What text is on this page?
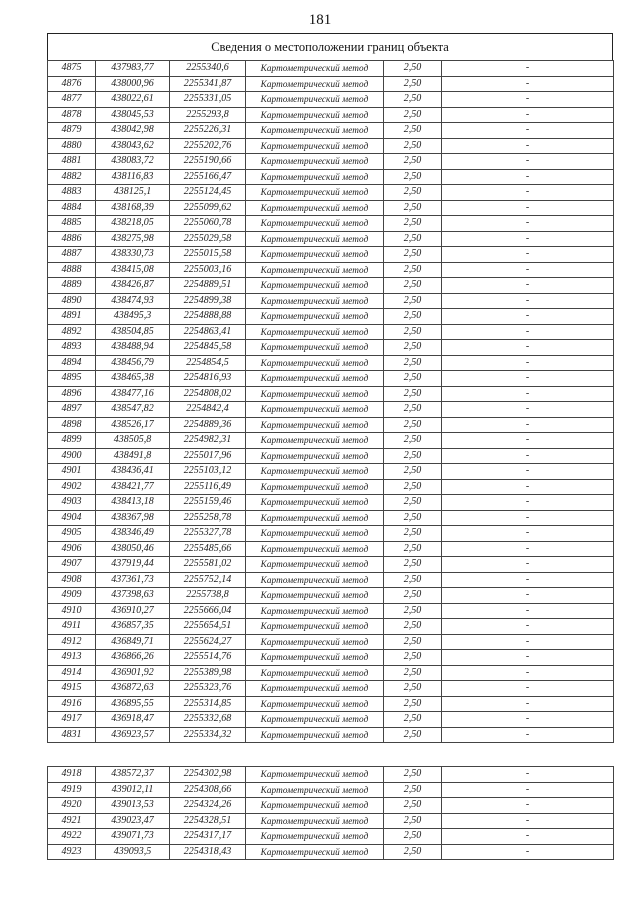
181
Сведения о местоположении границ объекта
4875	437983,77	2255340,6	Картометрический метод	2,50	-
4876	438000,96	2255341,87	Картометрический метод	2,50	-
4877	438022,61	2255331,05	Картометрический метод	2,50	-
4878	438045,53	2255293,8	Картометрический метод	2,50	-
4879	438042,98	2255226,31	Картометрический метод	2,50	-
4880	438043,62	2255202,76	Картометрический метод	2,50	-
4881	438083,72	2255190,66	Картометрический метод	2,50	-
4882	438116,83	2255166,47	Картометрический метод	2,50	-
4883	438125,1	2255124,45	Картометрический метод	2,50	-
4884	438168,39	2255099,62	Картометрический метод	2,50	-
4885	438218,05	2255060,78	Картометрический метод	2,50	-
4886	438275,98	2255029,58	Картометрический метод	2,50	-
4887	438330,73	2255015,58	Картометрический метод	2,50	-
4888	438415,08	2255003,16	Картометрический метод	2,50	-
4889	438426,87	2254889,51	Картометрический метод	2,50	-
4890	438474,93	2254899,38	Картометрический метод	2,50	-
4891	438495,3	2254888,88	Картометрический метод	2,50	-
4892	438504,85	2254863,41	Картометрический метод	2,50	-
4893	438488,94	2254845,58	Картометрический метод	2,50	-
4894	438456,79	2254854,5	Картометрический метод	2,50	-
4895	438465,38	2254816,93	Картометрический метод	2,50	-
4896	438477,16	2254808,02	Картометрический метод	2,50	-
4897	438547,82	2254842,4	Картометрический метод	2,50	-
4898	438526,17	2254889,36	Картометрический метод	2,50	-
4899	438505,8	2254982,31	Картометрический метод	2,50	-
4900	438491,8	2255017,96	Картометрический метод	2,50	-
4901	438436,41	2255103,12	Картометрический метод	2,50	-
4902	438421,77	2255116,49	Картометрический метод	2,50	-
4903	438413,18	2255159,46	Картометрический метод	2,50	-
4904	438367,98	2255258,78	Картометрический метод	2,50	-
4905	438346,49	2255327,78	Картометрический метод	2,50	-
4906	438050,46	2255485,66	Картометрический метод	2,50	-
4907	437919,44	2255581,02	Картометрический метод	2,50	-
4908	437361,73	2255752,14	Картометрический метод	2,50	-
4909	437398,63	2255738,8	Картометрический метод	2,50	-
4910	436910,27	2255666,04	Картометрический метод	2,50	-
4911	436857,35	2255654,51	Картометрический метод	2,50	-
4912	436849,71	2255624,27	Картометрический метод	2,50	-
4913	436866,26	2255514,76	Картометрический метод	2,50	-
4914	436901,92	2255389,98	Картометрический метод	2,50	-
4915	436872,63	2255323,76	Картометрический метод	2,50	-
4916	436895,55	2255314,85	Картометрический метод	2,50	-
4917	436918,47	2255332,68	Картометрический метод	2,50	-
4831	436923,57	2255334,32	Картометрический метод	2,50	-
4918	438572,37	2254302,98	Картометрический метод	2,50	-
4919	439012,11	2254308,66	Картометрический метод	2,50	-
4920	439013,53	2254324,26	Картометрический метод	2,50	-
4921	439023,47	2254328,51	Картометрический метод	2,50	-
4922	439071,73	2254317,17	Картометрический метод	2,50	-
4923	439093,5	2254318,43	Картометрический метод	2,50	-
